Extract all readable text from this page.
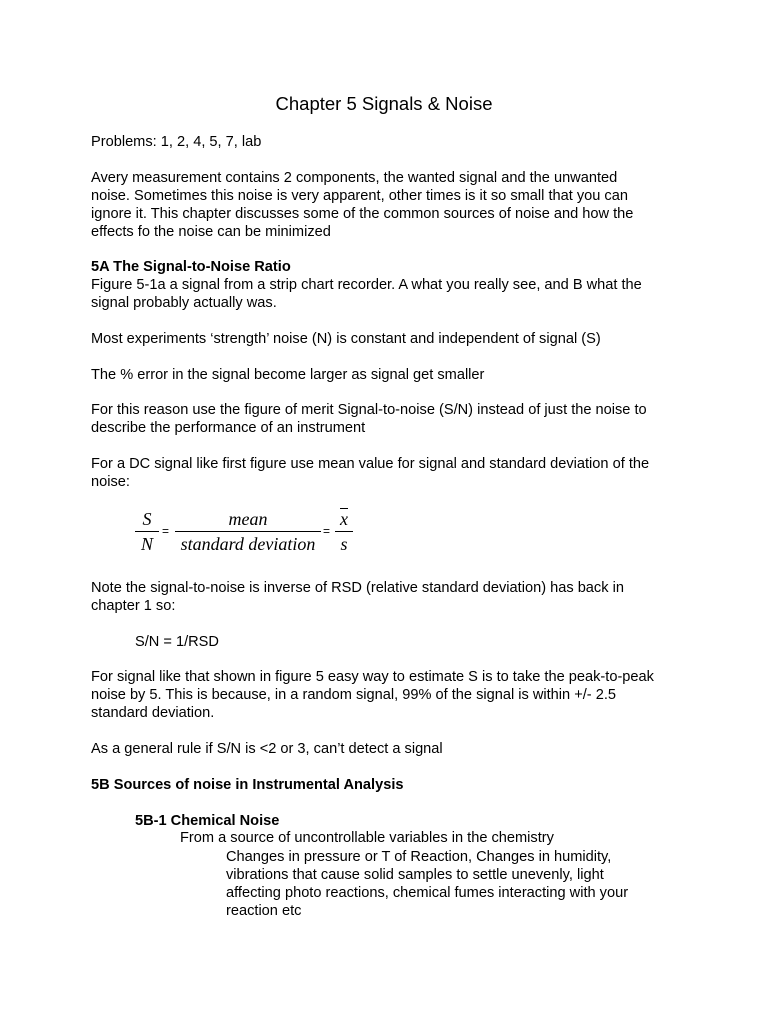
Chapter 5 Signals & Noise

Problems: 1, 2, 4, 5, 7, lab

Avery measurement contains 2 components, the wanted signal and the unwanted
noise. Sometimes this noise is very apparent, other times is it so small that you can
ignore it. This chapter discusses some of the common sources of noise and how the
effects fo the noise can be minimized
5A The Signal-to-Noise Ratio
Figure 5-1a a signal from a strip chart recorder. A what you really see, and B what the
signal probably actually was.

Most experiments ‘strength’ noise (N) is constant and independent of signal (S)

The % error in the signal become larger as signal get smaller

For this reason use the figure of merit Signal-to-noise (S/N) instead of just the noise to
describe the performance of an instrument
For a DC signal like first figure use mean value for signal and standard deviation of the
noise:
S
N
=
mean
standard deviation
=
$\overline{x}$
s
Note the signal-to-noise is inverse of RSD (relative standard deviation) has back in
chapter 1 so:

S/N = 1/RSD

For signal like that shown in figure 5 easy way to estimate S is to take the peak-to-peak
noise by 5. This is because, in a random signal, 99% of the signal is within +/- 2.5
standard deviation.

As a general rule if S/N is <2 or 3, can’t detect a signal

5B Sources of noise in Instrumental Analysis
5B-1 Chemical Noise
From a source of uncontrollable variables in the chemistry
Changes in pressure or T of Reaction, Changes in humidity,
vibrations that cause solid samples to settle unevenly, light
affecting photo reactions, chemical fumes interacting with your
reaction etc
